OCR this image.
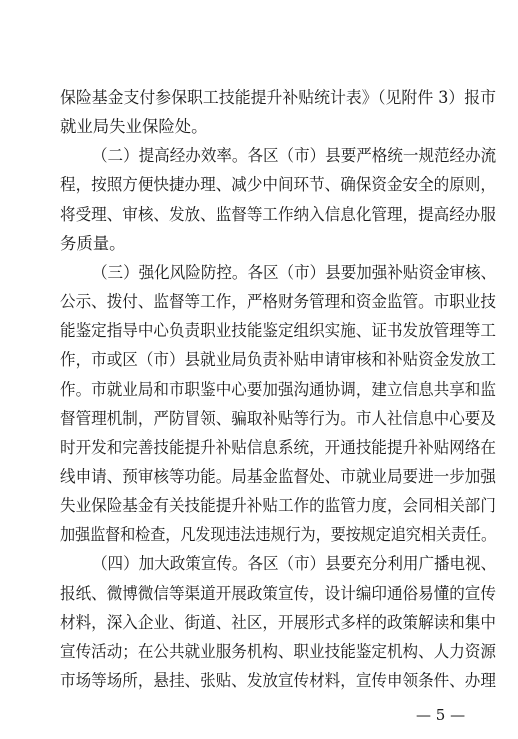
保险基金支付参保职工技能提升补贴统计表》（见附件 3）报市
就业局失业保险处。
（二）提高经办效率。各区（市）县要严格统一规范经办流
程，按照方便快捷办理、减少中间环节、确保资金安全的原则，
将受理、审核、发放、监督等工作纳入信息化管理，提高经办服
务质量。
（三）强化风险防控。各区（市）县要加强补贴资金审核、
公示、拨付、监督等工作，严格财务管理和资金监管。市职业技
能鉴定指导中心负责职业技能鉴定组织实施、证书发放管理等工
作，市或区（市）县就业局负责补贴申请审核和补贴资金发放工
作。市就业局和市职鉴中心要加强沟通协调，建立信息共享和监
督管理机制，严防冒领、骗取补贴等行为。市人社信息中心要及
时开发和完善技能提升补贴信息系统，开通技能提升补贴网络在
线申请、预审核等功能。局基金监督处、市就业局要进一步加强
失业保险基金有关技能提升补贴工作的监管力度，会同相关部门
加强监督和检查，凡发现违法违规行为，要按规定追究相关责任。
（四）加大政策宣传。各区（市）县要充分利用广播电视、
报纸、微博微信等渠道开展政策宣传，设计编印通俗易懂的宣传
材料，深入企业、街道、社区，开展形式多样的政策解读和集中
宣传活动；在公共就业服务机构、职业技能鉴定机构、人力资源
市场等场所，悬挂、张贴、发放宣传材料，宣传申领条件、办理
— 5 —
